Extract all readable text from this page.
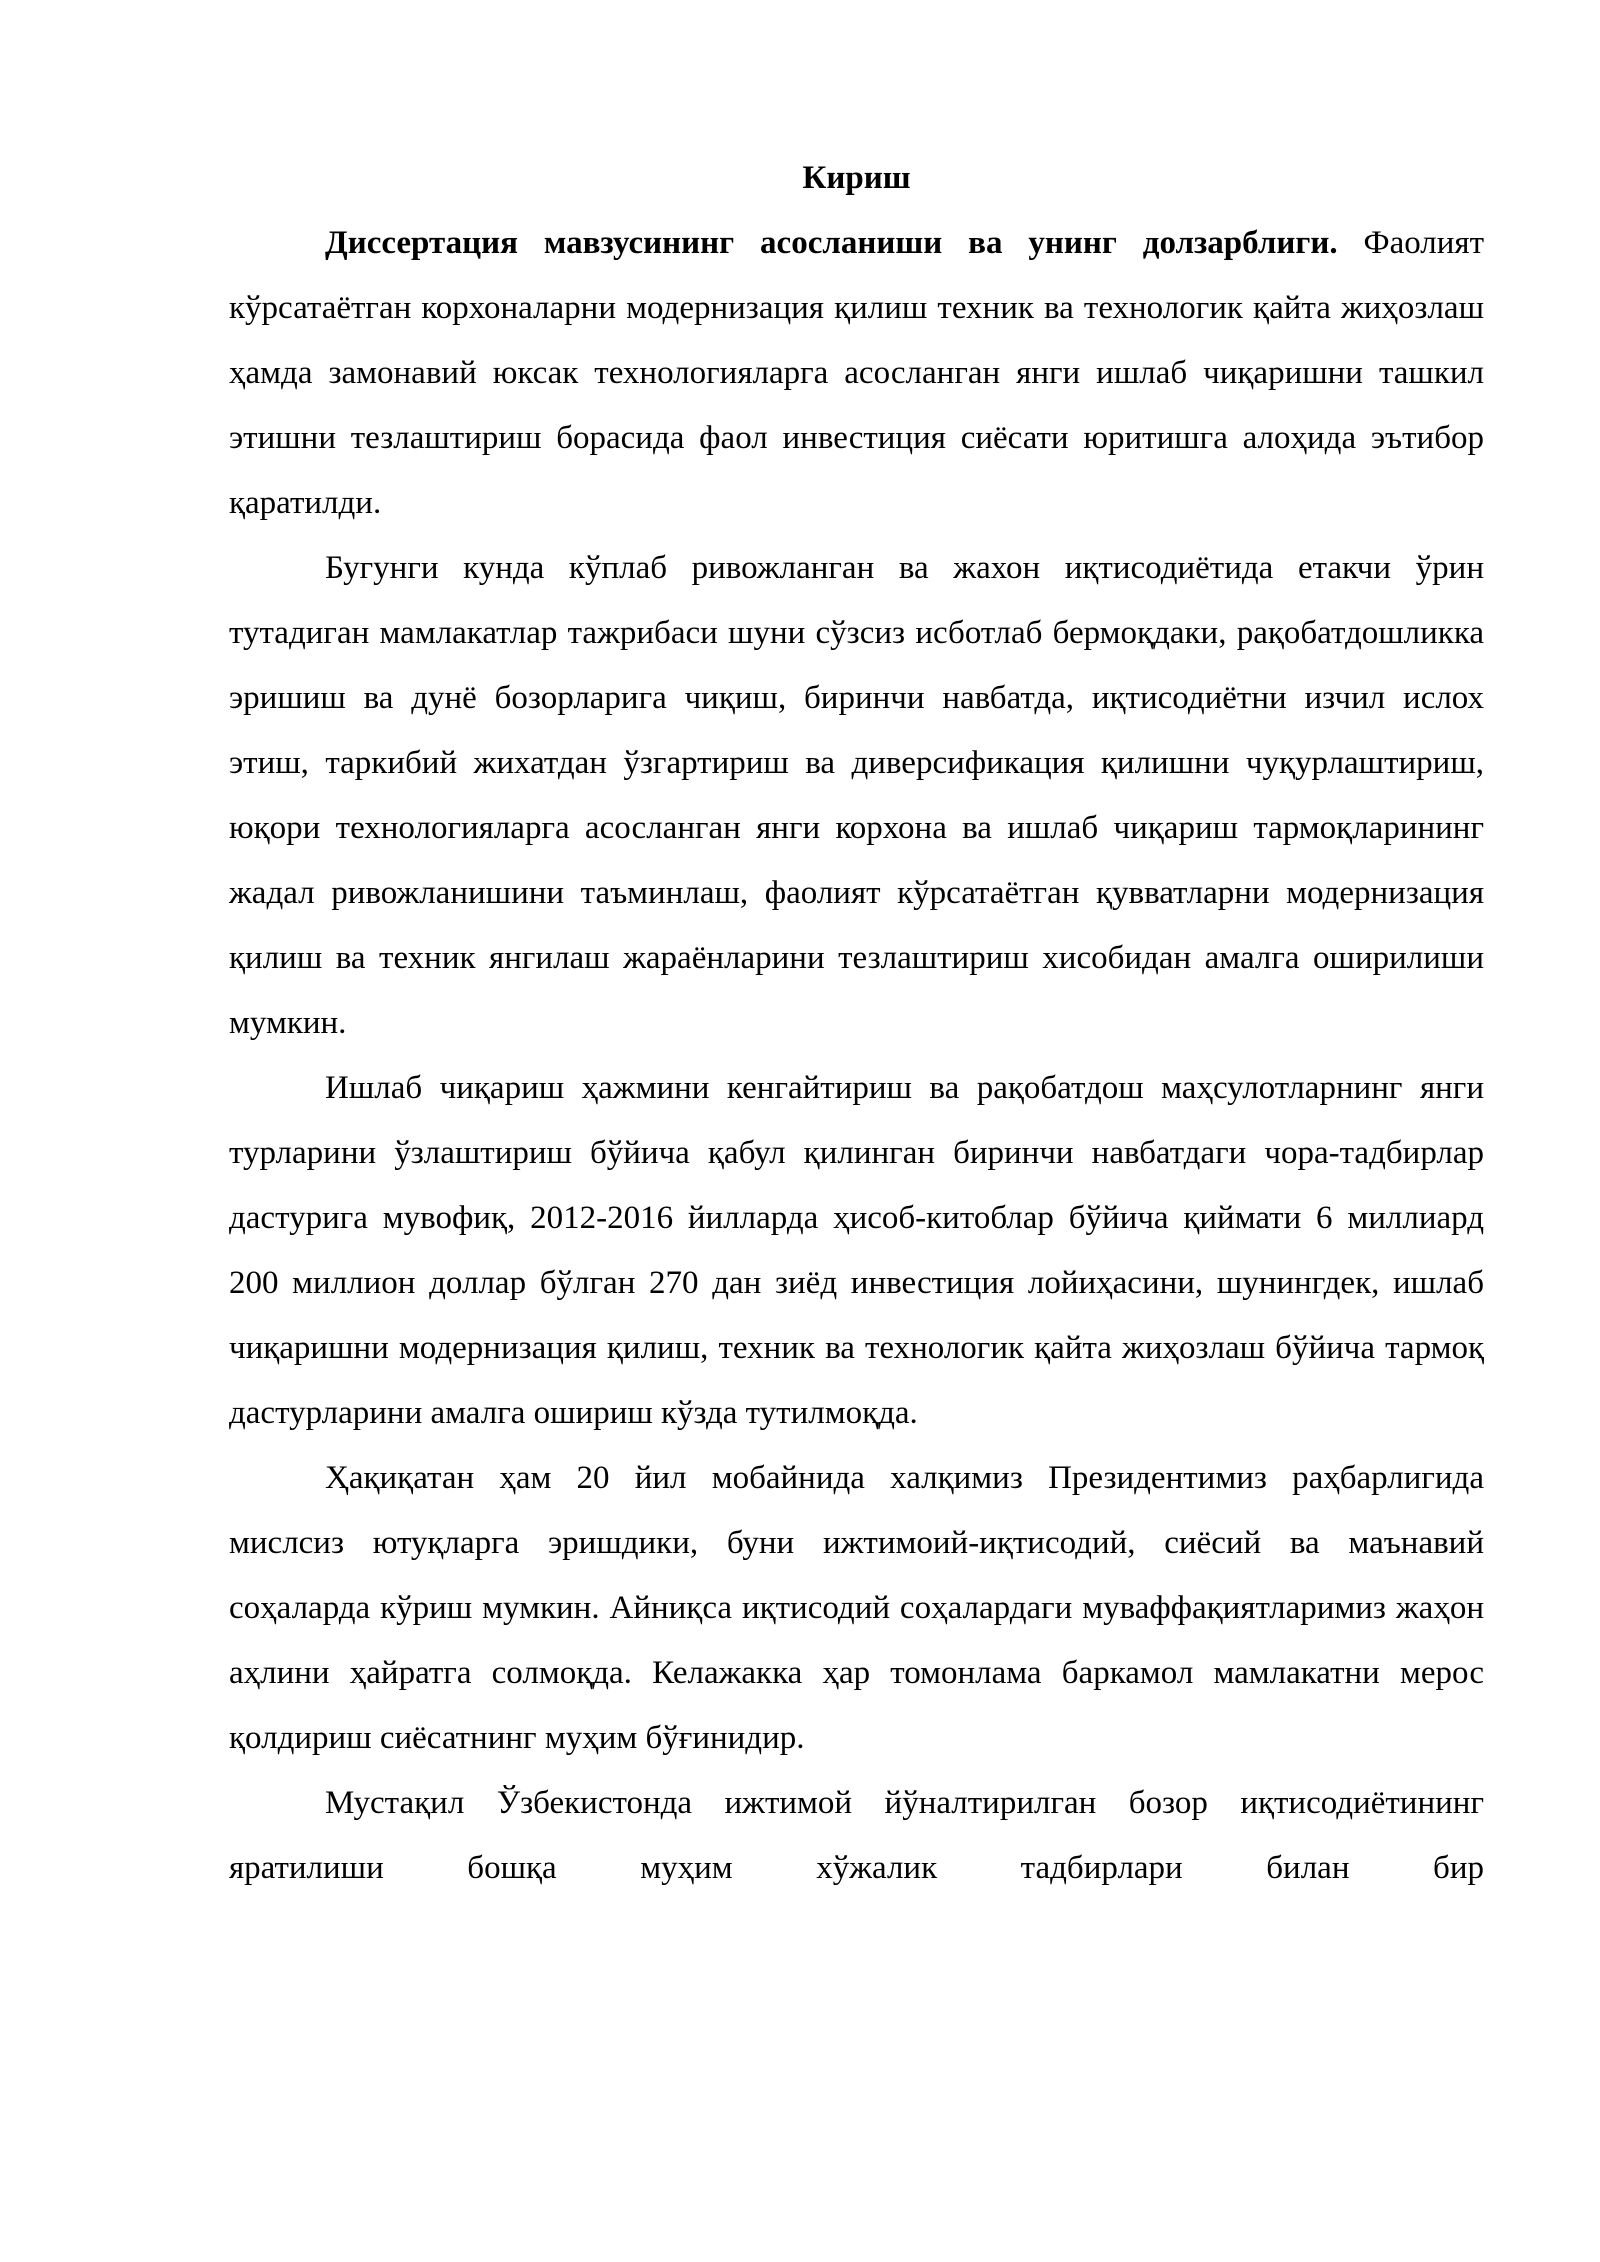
Кириш

Диссертация мавзусининг асосланиши ва унинг долзарблиги. Фаолият кўрсатаётган корхоналарни модернизация қилиш техник ва технологик қайта жиҳозлаш ҳамда замонавий юксак технологияларга асосланган янги ишлаб чиқаришни ташкил этишни тезлаштириш борасида фаол инвестиция сиёсати юритишга алоҳида эътибор қаратилди.

Бугунги кунда кўплаб ривожланган ва жахон иқтисодиётида етакчи ўрин тутадиган мамлакатлар тажрибаси шуни сўзсиз исботлаб бермоқдаки, рақобатдошликка эришиш ва дунё бозорларига чиқиш, биринчи навбатда, иқтисодиётни изчил ислох этиш, таркибий жихатдан ўзгартириш ва диверсификация қилишни чуқурлаштириш, юқори технологияларга асосланган янги корхона ва ишлаб чиқариш тармоқларининг жадал ривожланишини таъминлаш, фаолият кўрсатаётган қувватларни модернизация қилиш ва техник янгилаш жараёнларини тезлаштириш хисобидан амалга оширилиши мумкин.

Ишлаб чиқариш ҳажмини кенгайтириш ва рақобатдош маҳсулотларнинг янги турларини ўзлаштириш бўйича қабул қилинган биринчи навбатдаги чора-тадбирлар дастурига мувофиқ, 2012-2016 йилларда ҳисоб-китоблар бўйича қиймати 6 миллиард 200 миллион доллар бўлган 270 дан зиёд инвестиция лойиҳасини, шунингдек, ишлаб чиқаришни модернизация қилиш, техник ва технологик қайта жиҳозлаш бўйича тармоқ дастурларини амалга ошириш кўзда тутилмоқда.

Ҳақиқатан ҳам 20 йил мобайнида халқимиз Президентимиз раҳбарлигида мислсиз ютуқларга эришдики, буни ижтимоий-иқтисодий, сиёсий ва маънавий соҳаларда кўриш мумкин. Айниқса иқтисодий соҳалардаги муваффақиятларимиз жаҳон аҳлини ҳайратга солмоқда. Келажакка ҳар томонлама баркамол мамлакатни мерос қолдириш сиёсатнинг муҳим бўғинидир.

Мустақил Ўзбекистонда ижтимой йўналтирилган бозор иқтисодиётининг яратилиши бошқа муҳим хўжалик тадбирлари билан бир
